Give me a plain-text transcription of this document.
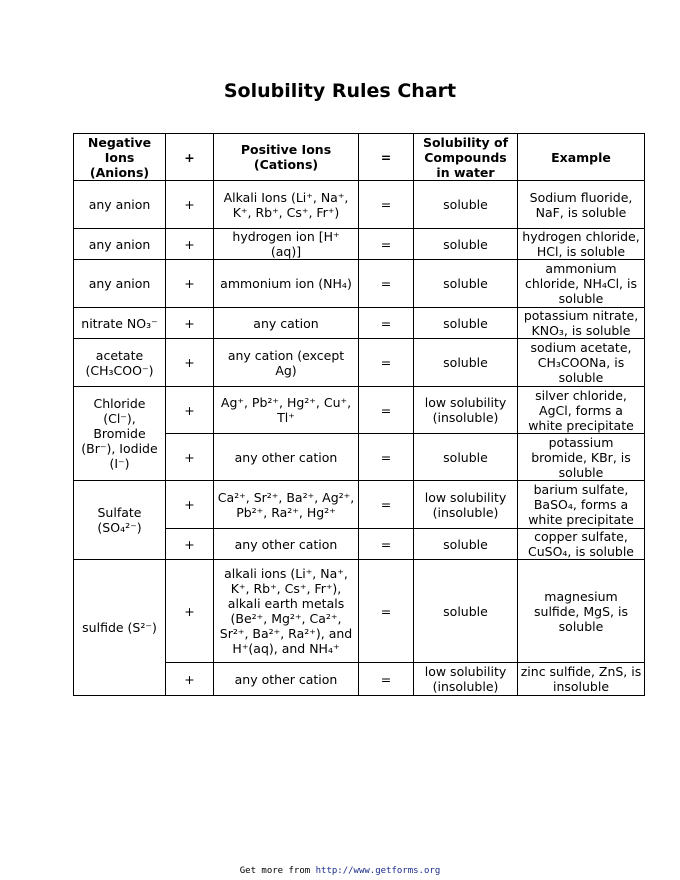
Solubility Rules Chart
Negative Ions (Anions)	+	Positive Ions (Cations)	=	Solubility of Compounds in water	Example
any anion	+	Alkali Ions (Li⁺, Na⁺, K⁺, Rb⁺, Cs⁺, Fr⁺)	=	soluble	Sodium fluoride, NaF, is soluble
any anion	+	hydrogen ion [H⁺ (aq)]	=	soluble	hydrogen chloride, HCl, is soluble
any anion	+	ammonium ion (NH₄)	=	soluble	ammonium chloride, NH₄Cl, is soluble
nitrate NO₃⁻	+	any cation	=	soluble	potassium nitrate, KNO₃, is soluble
acetate (CH₃COO⁻)	+	any cation (except Ag)	=	soluble	sodium acetate, CH₃COONa, is soluble
Chloride (Cl⁻), Bromide (Br⁻), Iodide (I⁻)	+	Ag⁺, Pb²⁺, Hg²⁺, Cu⁺, Tl⁺	=	low solubility (insoluble)	silver chloride, AgCl, forms a white precipitate
	+	any other cation	=	soluble	potassium bromide, KBr, is soluble
Sulfate (SO₄²⁻)	+	Ca²⁺, Sr²⁺, Ba²⁺, Ag²⁺, Pb²⁺, Ra²⁺, Hg²⁺	=	low solubility (insoluble)	barium sulfate, BaSO₄, forms a white precipitate
	+	any other cation	=	soluble	copper sulfate, CuSO₄, is soluble
sulfide (S²⁻)	+	alkali ions (Li⁺, Na⁺, K⁺, Rb⁺, Cs⁺, Fr⁺), alkali earth metals (Be²⁺, Mg²⁺, Ca²⁺, Sr²⁺, Ba²⁺, Ra²⁺), and H⁺(aq), and NH₄⁺	=	soluble	magnesium sulfide, MgS, is soluble
	+	any other cation	=	low solubility (insoluble)	zinc sulfide, ZnS, is insoluble
Get more from http://www.getforms.org
